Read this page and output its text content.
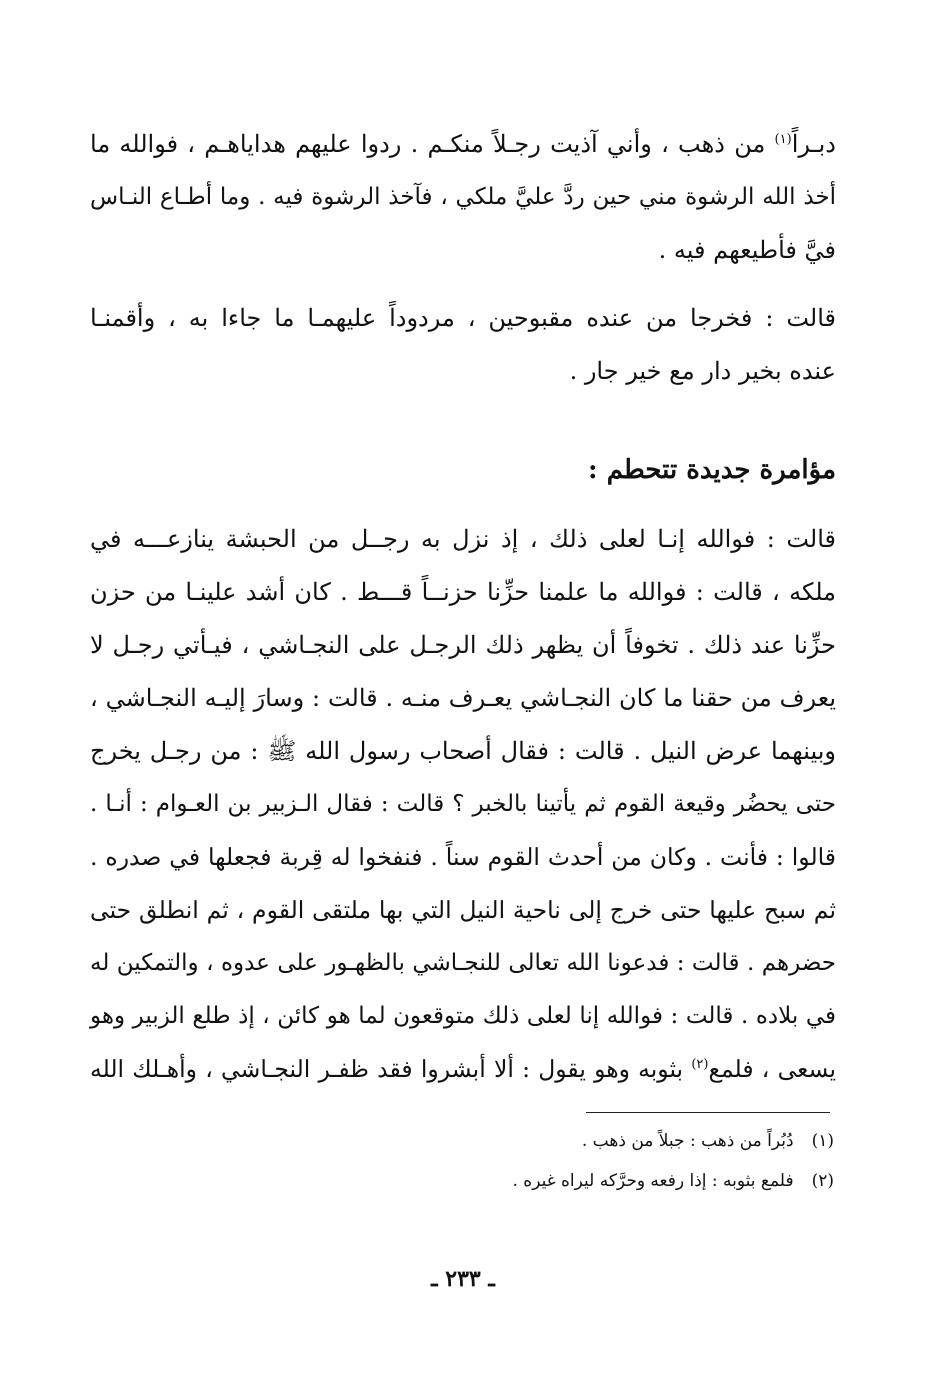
دبـراً$^{(١)}$ من ذهب ، وأني آذيت رجـلاً منكـم . ردوا عليهم هداياهـم ، فوالله ما
أخذ الله الرشوة مني حين ردَّ عليَّ ملكي ، فآخذ الرشوة فيه . وما أطـاع النـاس
فيَّ فأطيعهم فيه .
قالت : فخرجا من عنده مقبوحين ، مردوداً عليهمـا ما جاءا به ، وأقمنـا
عنده بخير دار مع خير جار .
مؤامرة جديدة تتحطم :
قالت : فوالله إنـا لعلى ذلك ، إذ نزل به رجــل من الحبشة ينازعـــه في
ملكه ، قالت : فوالله ما علمنا حزِّنا حزنــاً قـــط . كان أشد علينـا من حزن
حزِّنا عند ذلك . تخوفاً أن يظهر ذلك الرجـل على النجـاشي ، فيـأتي رجـل لا
يعرف من حقنا ما كان النجـاشي يعـرف منـه . قالت : وسارَ إليـه النجـاشي ،
وبينهما عرض النيل . قالت : فقال أصحاب رسول الله ﷺ : من رجـل يخرج
حتى يحضُر وقيعة القوم ثم يأتينا بالخبر ؟ قالت : فقال الـزبير بن العـوام : أنـا .
قالوا : فأنت . وكان من أحدث القوم سناً . فنفخوا له قِربة فجعلها في صدره .
ثم سبح عليها حتى خرج إلى ناحية النيل التي بها ملتقى القوم ، ثم انطلق حتى
حضرهم . قالت : فدعونا الله تعالى للنجـاشي بالظهـور على عدوه ، والتمكين له
في بلاده . قالت : فوالله إنا لعلى ذلك متوقعون لما هو كائن ، إذ طلع الزبير وهو
يسعى ، فلمع$^{(٢)}$ بثوبه وهو يقول : ألا أبشروا فقد ظفـر النجـاشي ، وأهـلك الله
(١)دُبُراً من ذهب : جبلاً من ذهب .
(٢)فلمع بثوبه : إذا رفعه وحرَّكه ليراه غيره .
ـ ٢٣٣ ـ
